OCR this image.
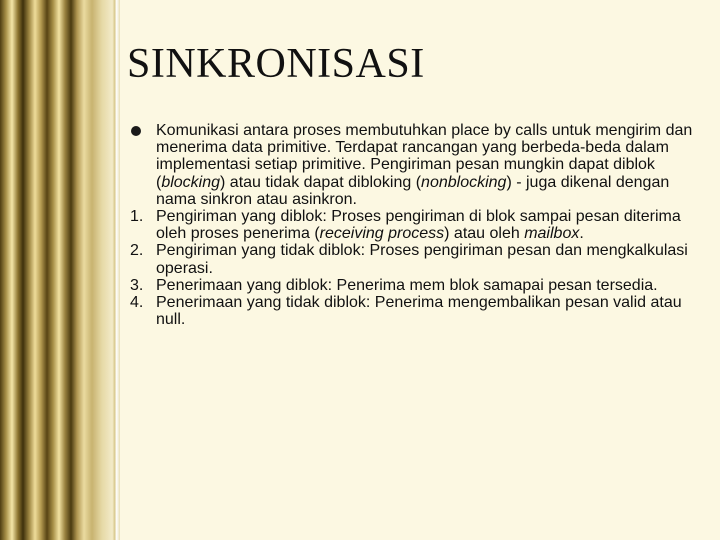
SINKRONISASI
Komunikasi antara proses membutuhkan place by calls untuk mengirim dan menerima data primitive. Terdapat rancangan yang berbeda-beda dalam implementasi setiap primitive. Pengiriman pesan mungkin dapat diblok (blocking) atau tidak dapat dibloking (nonblocking) - juga dikenal dengan nama sinkron atau asinkron.
1. Pengiriman yang diblok: Proses pengiriman di blok sampai pesan diterima oleh proses penerima (receiving process) atau oleh mailbox.
2. Pengiriman yang tidak diblok: Proses pengiriman pesan dan mengkalkulasi operasi.
3. Penerimaan yang diblok: Penerima mem blok samapai pesan tersedia.
4. Penerimaan yang tidak diblok: Penerima mengembalikan pesan valid atau null.
